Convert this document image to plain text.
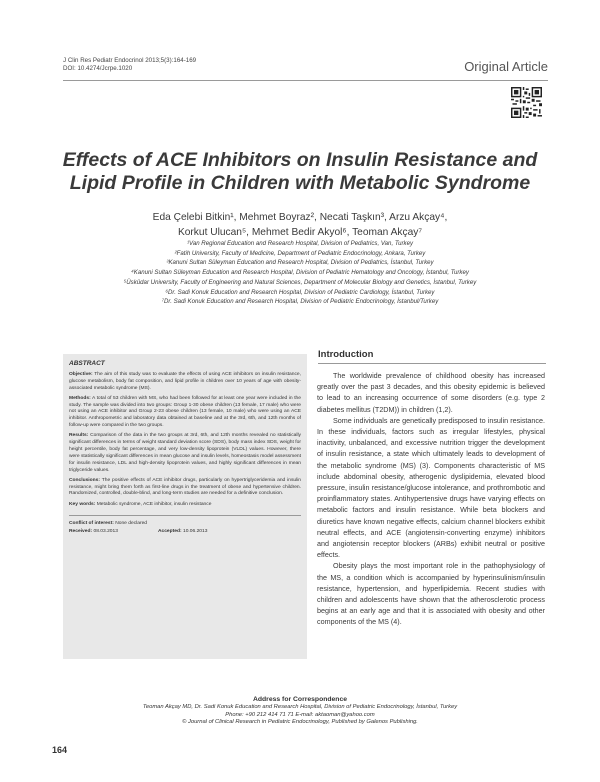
J Clin Res Pediatr Endocrinol 2013;5(3):164-169
DOI: 10.4274/Jcrpe.1020	Original Article
Effects of ACE Inhibitors on Insulin Resistance and
Lipid Profile in Children with Metabolic Syndrome
Eda Çelebi Bitkin¹, Mehmet Boyraz², Necati Taşkın³, Arzu Akçay⁴,
Korkut Ulucan⁵, Mehmet Bedir Akyol⁶, Teoman Akçay⁷
¹Van Regional Education and Research Hospital, Division of Pediatrics, Van, Turkey
²Fatih University, Faculty of Medicine, Department of Pediatric Endocrinology, Ankara, Turkey
³Kanuni Sultan Süleyman Education and Research Hospital, Division of Pediatrics, İstanbul, Turkey
⁴Kanuni Sultan Süleyman Education and Research Hospital, Division of Pediatric Hematology and Oncology, İstanbul, Turkey
⁵Üsküdar University, Faculty of Engineering and Natural Sciences, Department of Molecular Biology and Genetics, İstanbul, Turkey
⁶Dr. Sadi Konuk Education and Research Hospital, Division of Pediatric Cardiology, İstanbul, Turkey
⁷Dr. Sadi Konuk Education and Research Hospital, Division of Pediatric Endocrinology, İstanbul/Turkey
ABSTRACT

Objective: The aim of this study was to evaluate the effects of using ACE inhibitors on insulin resistance, glucose metabolism, body fat composition, and lipid profile in children over 10 years of age with obesity-associated metabolic syndrome (MS).

Methods: A total of 53 children with MS, who had been followed for at least one year were included in the study. The sample was divided into two groups: Group 1-30 obese children (13 female, 17 male) who were not using an ACE inhibitor and Group 2-23 obese children (13 female, 10 male) who were using an ACE inhibitor. Anthropometric and laboratory data obtained at baseline and at the 3rd, 6th, and 12th months of follow-up were compared in the two groups.

Results: Comparison of the data in the two groups at 3rd, 6th, and 12th months revealed no statistically significant differences in terms of weight standard deviation score (SDS), body mass index SDS, weight for height percentile, body fat percentage, and very low-density lipoprotein (VLDL) values. However, there were statistically significant differences in mean glucose and insulin levels, homeostasis model assessment for insulin resistance, LDL and high-density lipoprotein values, and highly significant differences in mean triglyceride values.

Conclusions: The positive effects of ACE inhibitor drugs, particularly on hypertriglyceridemia and insulin resistance, might bring them forth as first-line drugs in the treatment of obese and hypertensive children. Randomized, controlled, double-blind, and long-term studies are needed for a definitive conclusion.

Key words: Metabolic syndrome, ACE inhibitor, insulin resistance

Conflict of interest: None declared

Received: 08.03.2013	Accepted: 10.06.2013

Introduction

The worldwide prevalence of childhood obesity has increased greatly over the past 3 decades, and this obesity epidemic is believed to lead to an increasing occurrence of some disorders (e.g. type 2 diabetes mellitus (T2DM)) in children (1,2).

Some individuals are genetically predisposed to insulin resistance. In these individuals, factors such as irregular lifestyles, physical inactivity, unbalanced, and excessive nutrition trigger the development of insulin resistance, a state which ultimately leads to development of the metabolic syndrome (MS) (3). Components characteristic of MS include abdominal obesity, atherogenic dyslipidemia, elevated blood pressure, insulin resistance/glucose intolerance, and prothrombotic and proinflammatory states. Antihypertensive drugs have varying effects on metabolic factors and insulin resistance. While beta blockers and diuretics have known negative effects, calcium channel blockers exhibit neutral effects, and ACE (angiotensin-converting enzyme) inhibitors and angiotensin receptor blockers (ARBs) exhibit neutral or positive effects.

Obesity plays the most important role in the pathophysiology of the MS, a condition which is accompanied by hyperinsulinism/insulin resistance, hypertension, and hyperlipidemia. Recent studies with children and adolescents have shown that the atherosclerotic process begins at an early age and that it is associated with obesity and other components of the MS (4).

Address for Correspondence
Teoman Akçay MD, Dr. Sadi Konuk Education and Research Hospital, Division of Pediatric Endocrinology, İstanbul, Turkey
Phone: +90 212 414 71 71 E-mail: aktaoman@yahoo.com
© Journal of Clinical Research in Pediatric Endocrinology, Published by Galenos Publishing.
164
